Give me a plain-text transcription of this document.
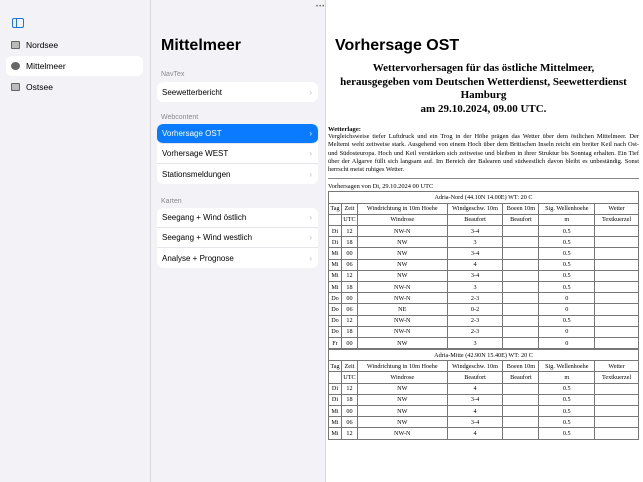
Nordsee
Mittelmeer
Ostsee
Mittelmeer
NavTex
Seewetterbericht	›
Webcontent
Vorhersage OST	›
Vorhersage WEST	›
Stationsmeldungen	›
Karten
Seegang + Wind östlich	›
Seegang + Wind westlich	›
Analyse + Prognose	›
•••
Vorhersage OST
Wettervorhersagen für das östliche Mittelmeer,
herausgegeben vom Deutschen Wetterdienst, Seewetterdienst
Hamburg
am 29.10.2024, 09.00 UTC.
Wetterlage:
Vergleichsweise tiefer Luftdruck und ein Trog in der Höhe prägen das Wetter über dem östlichen Mittelmeer. Der Meltemi weht zeitweise stark. Ausgehend von einem Hoch über dem Britischen Inseln reicht ein breiter Keil nach Ost- und Südosteuropa. Hoch und Keil verstärken sich zeitweise und bleiben in ihrer Struktur bis Sonntag erhalten. Ein Tief über der Algarve füllt sich langsam auf. Im Bereich der Balearen und südwestlich davon bleibt es unbeständig. Sonst herrscht meist ruhiges Wetter.
Vorhersagen von Di, 29.10.2024 00 UTC
Adria-Nord (44.10N 14.00E) WT: 20 C						
Tag	Zeit	Windrichtung in 10m Hoehe	Windgeschw. 10m	Boeen 10m	Sig. Wellenhoehe	Wetter
	UTC	Windrose	Beaufort	Beaufort	m	Textkuerzel
Di	12	NW-N	3-4		0.5	
Di	18	NW	3		0.5	
Mi	00	NW	3-4		0.5	
Mi	06	NW	4		0.5	
Mi	12	NW	3-4		0.5	
Mi	18	NW-N	3		0.5	
Do	00	NW-N	2-3		0	
Do	06	NE	0-2		0	
Do	12	NW-N	2-3		0.5	
Do	18	NW-N	2-3		0	
Fr	00	NW	3		0	
Adria-Mitte (42.90N 15.40E) WT: 20 C						
Tag	Zeit	Windrichtung in 10m Hoehe	Windgeschw. 10m	Boeen 10m	Sig. Wellenhoehe	Wetter
	UTC	Windrose	Beaufort	Beaufort	m	Textkuerzel
Di	12	NW	4		0.5	
Di	18	NW	3-4		0.5	
Mi	00	NW	4		0.5	
Mi	06	NW	3-4		0.5	
Mi	12	NW-N	4		0.5	
